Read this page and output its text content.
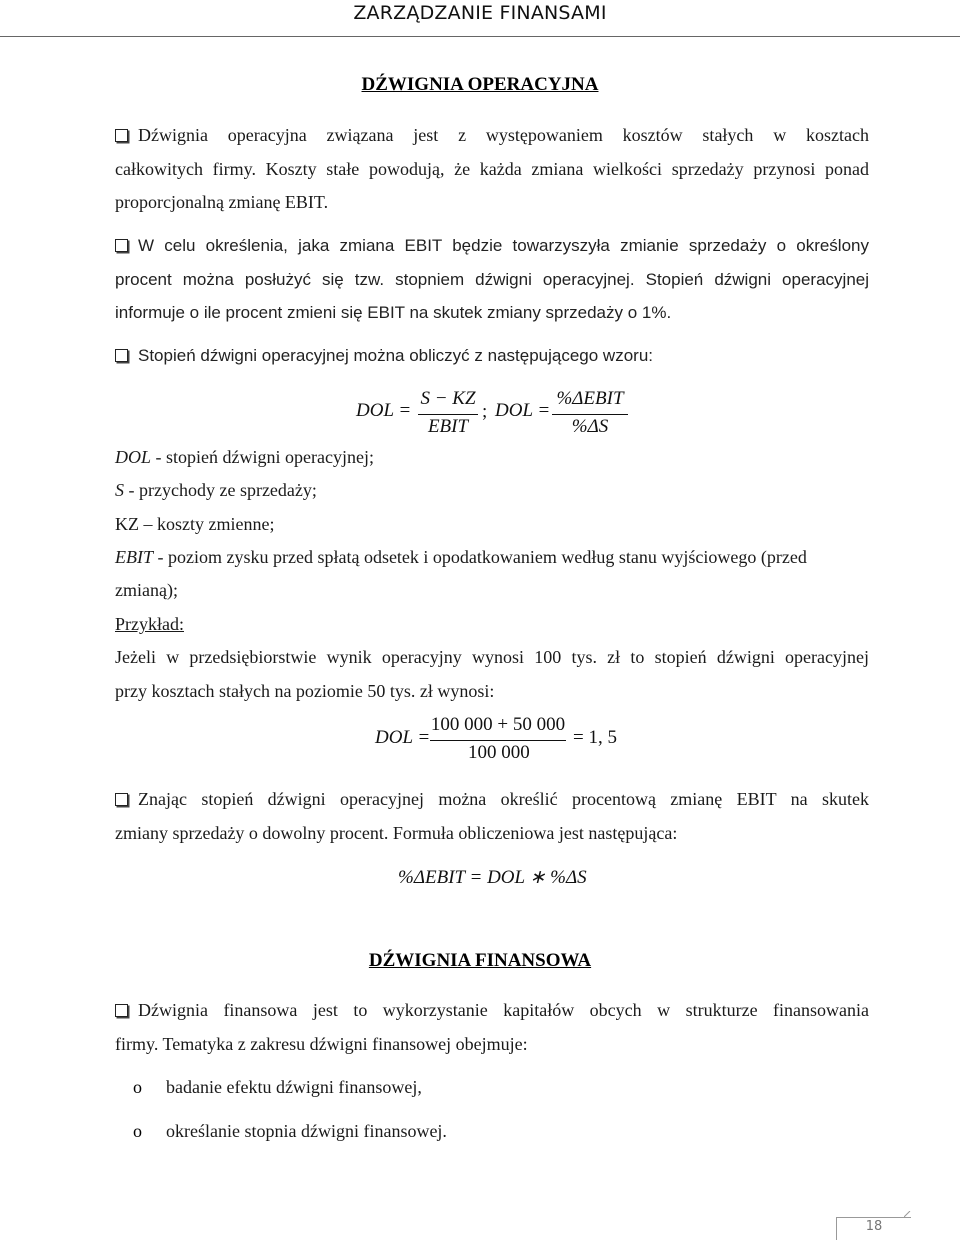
ZARZĄDZANIE FINANSAMI
DŹWIGNIA OPERACYJNA
Dźwignia operacyjna związana jest z występowaniem kosztów stałych w kosztach
całkowitych firmy. Koszty stałe powodują, że każda zmiana wielkości sprzedaży przynosi ponad
proporcjonalną zmianę EBIT.
W celu określenia, jaka zmiana EBIT będzie towarzyszyła zmianie sprzedaży o określony
procent można posłużyć się tzw. stopniem dźwigni operacyjnej. Stopień dźwigni operacyjnej
informuje o ile procent zmieni się EBIT na skutek zmiany sprzedaży o 1%.
Stopień dźwigni operacyjnej można obliczyć z następującego wzoru:
DOL =
S − KZ
EBIT
; DOL =
%ΔEBIT
%ΔS
DOL - stopień dźwigni operacyjnej;
S - przychody ze sprzedaży;
KZ – koszty zmienne;
EBIT - poziom zysku przed spłatą odsetek i opodatkowaniem według stanu wyjściowego (przed
zmianą);
Przykład:
Jeżeli w przedsiębiorstwie wynik operacyjny wynosi 100 tys. zł to stopień dźwigni operacyjnej
przy kosztach stałych na poziomie 50 tys. zł wynosi:
DOL =
100 000 + 50 000
100 000
= 1, 5
Znając stopień dźwigni operacyjnej można określić procentową zmianę EBIT na skutek
zmiany sprzedaży o dowolny procent. Formuła obliczeniowa jest następująca:
%ΔEBIT = DOL ∗ %ΔS
DŹWIGNIA FINANSOWA
Dźwignia finansowa jest to wykorzystanie kapitałów obcych w strukturze finansowania
firmy. Tematyka z zakresu dźwigni finansowej obejmuje:
o badanie efektu dźwigni finansowej,
o określanie stopnia dźwigni finansowej.
18
